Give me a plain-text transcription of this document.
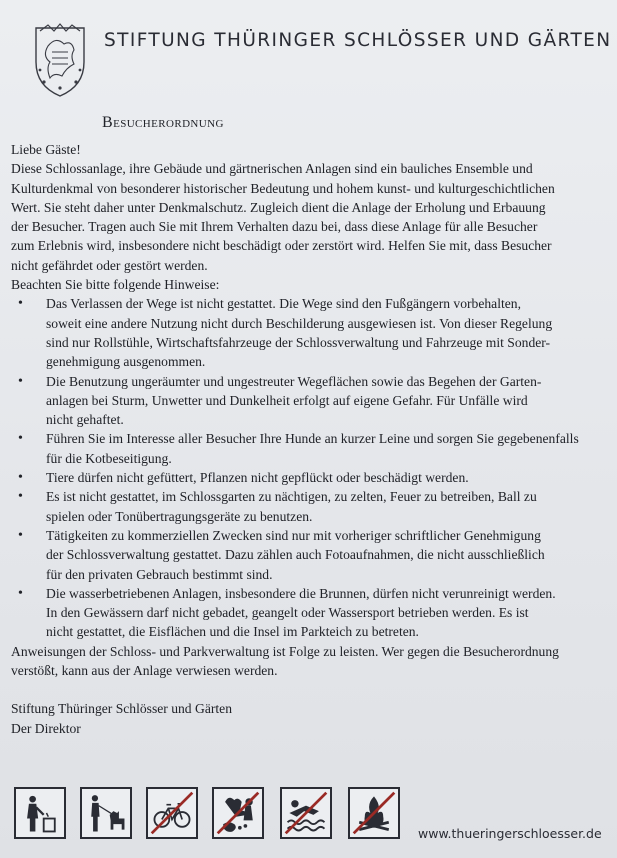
STIFTUNG THÜRINGER SCHLÖSSER UND GÄRTEN
Besucherordnung
Liebe Gäste!
Diese Schlossanlage, ihre Gebäude und gärtnerischen Anlagen sind ein bauliches Ensemble und
Kulturdenkmal von besonderer historischer Bedeutung und hohem kunst- und kulturgeschichtlichen
Wert. Sie steht daher unter Denkmalschutz. Zugleich dient die Anlage der Erholung und Erbauung
der Besucher. Tragen auch Sie mit Ihrem Verhalten dazu bei, dass diese Anlage für alle Besucher
zum Erlebnis wird, insbesondere nicht beschädigt oder zerstört wird. Helfen Sie mit, dass Besucher
nicht gefährdet oder gestört werden.
Beachten Sie bitte folgende Hinweise:
• Das Verlassen der Wege ist nicht gestattet. Die Wege sind den Fußgängern vorbehalten,
soweit eine andere Nutzung nicht durch Beschilderung ausgewiesen ist. Von dieser Regelung
sind nur Rollstühle, Wirtschaftsfahrzeuge der Schlossverwaltung und Fahrzeuge mit Sonder-
genehmigung ausgenommen.
• Die Benutzung ungeräumter und ungestreuter Wegeflächen sowie das Begehen der Garten-
anlagen bei Sturm, Unwetter und Dunkelheit erfolgt auf eigene Gefahr. Für Unfälle wird
nicht gehaftet.
• Führen Sie im Interesse aller Besucher Ihre Hunde an kurzer Leine und sorgen Sie gegebenenfalls
für die Kotbeseitigung.
• Tiere dürfen nicht gefüttert, Pflanzen nicht gepflückt oder beschädigt werden.
• Es ist nicht gestattet, im Schlossgarten zu nächtigen, zu zelten, Feuer zu betreiben, Ball zu
spielen oder Tonübertragungsgeräte zu benutzen.
• Tätigkeiten zu kommerziellen Zwecken sind nur mit vorheriger schriftlicher Genehmigung
der Schlossverwaltung gestattet. Dazu zählen auch Fotoaufnahmen, die nicht ausschließlich
für den privaten Gebrauch bestimmt sind.
• Die wasserbetriebenen Anlagen, insbesondere die Brunnen, dürfen nicht verunreinigt werden.
In den Gewässern darf nicht gebadet, geangelt oder Wassersport betrieben werden. Es ist
nicht gestattet, die Eisflächen und die Insel im Parkteich zu betreten.
Anweisungen der Schloss- und Parkverwaltung ist Folge zu leisten. Wer gegen die Besucherordnung
verstößt, kann aus der Anlage verwiesen werden.
Stiftung Thüringer Schlösser und Gärten
Der Direktor
www.thueringerschloesser.de
